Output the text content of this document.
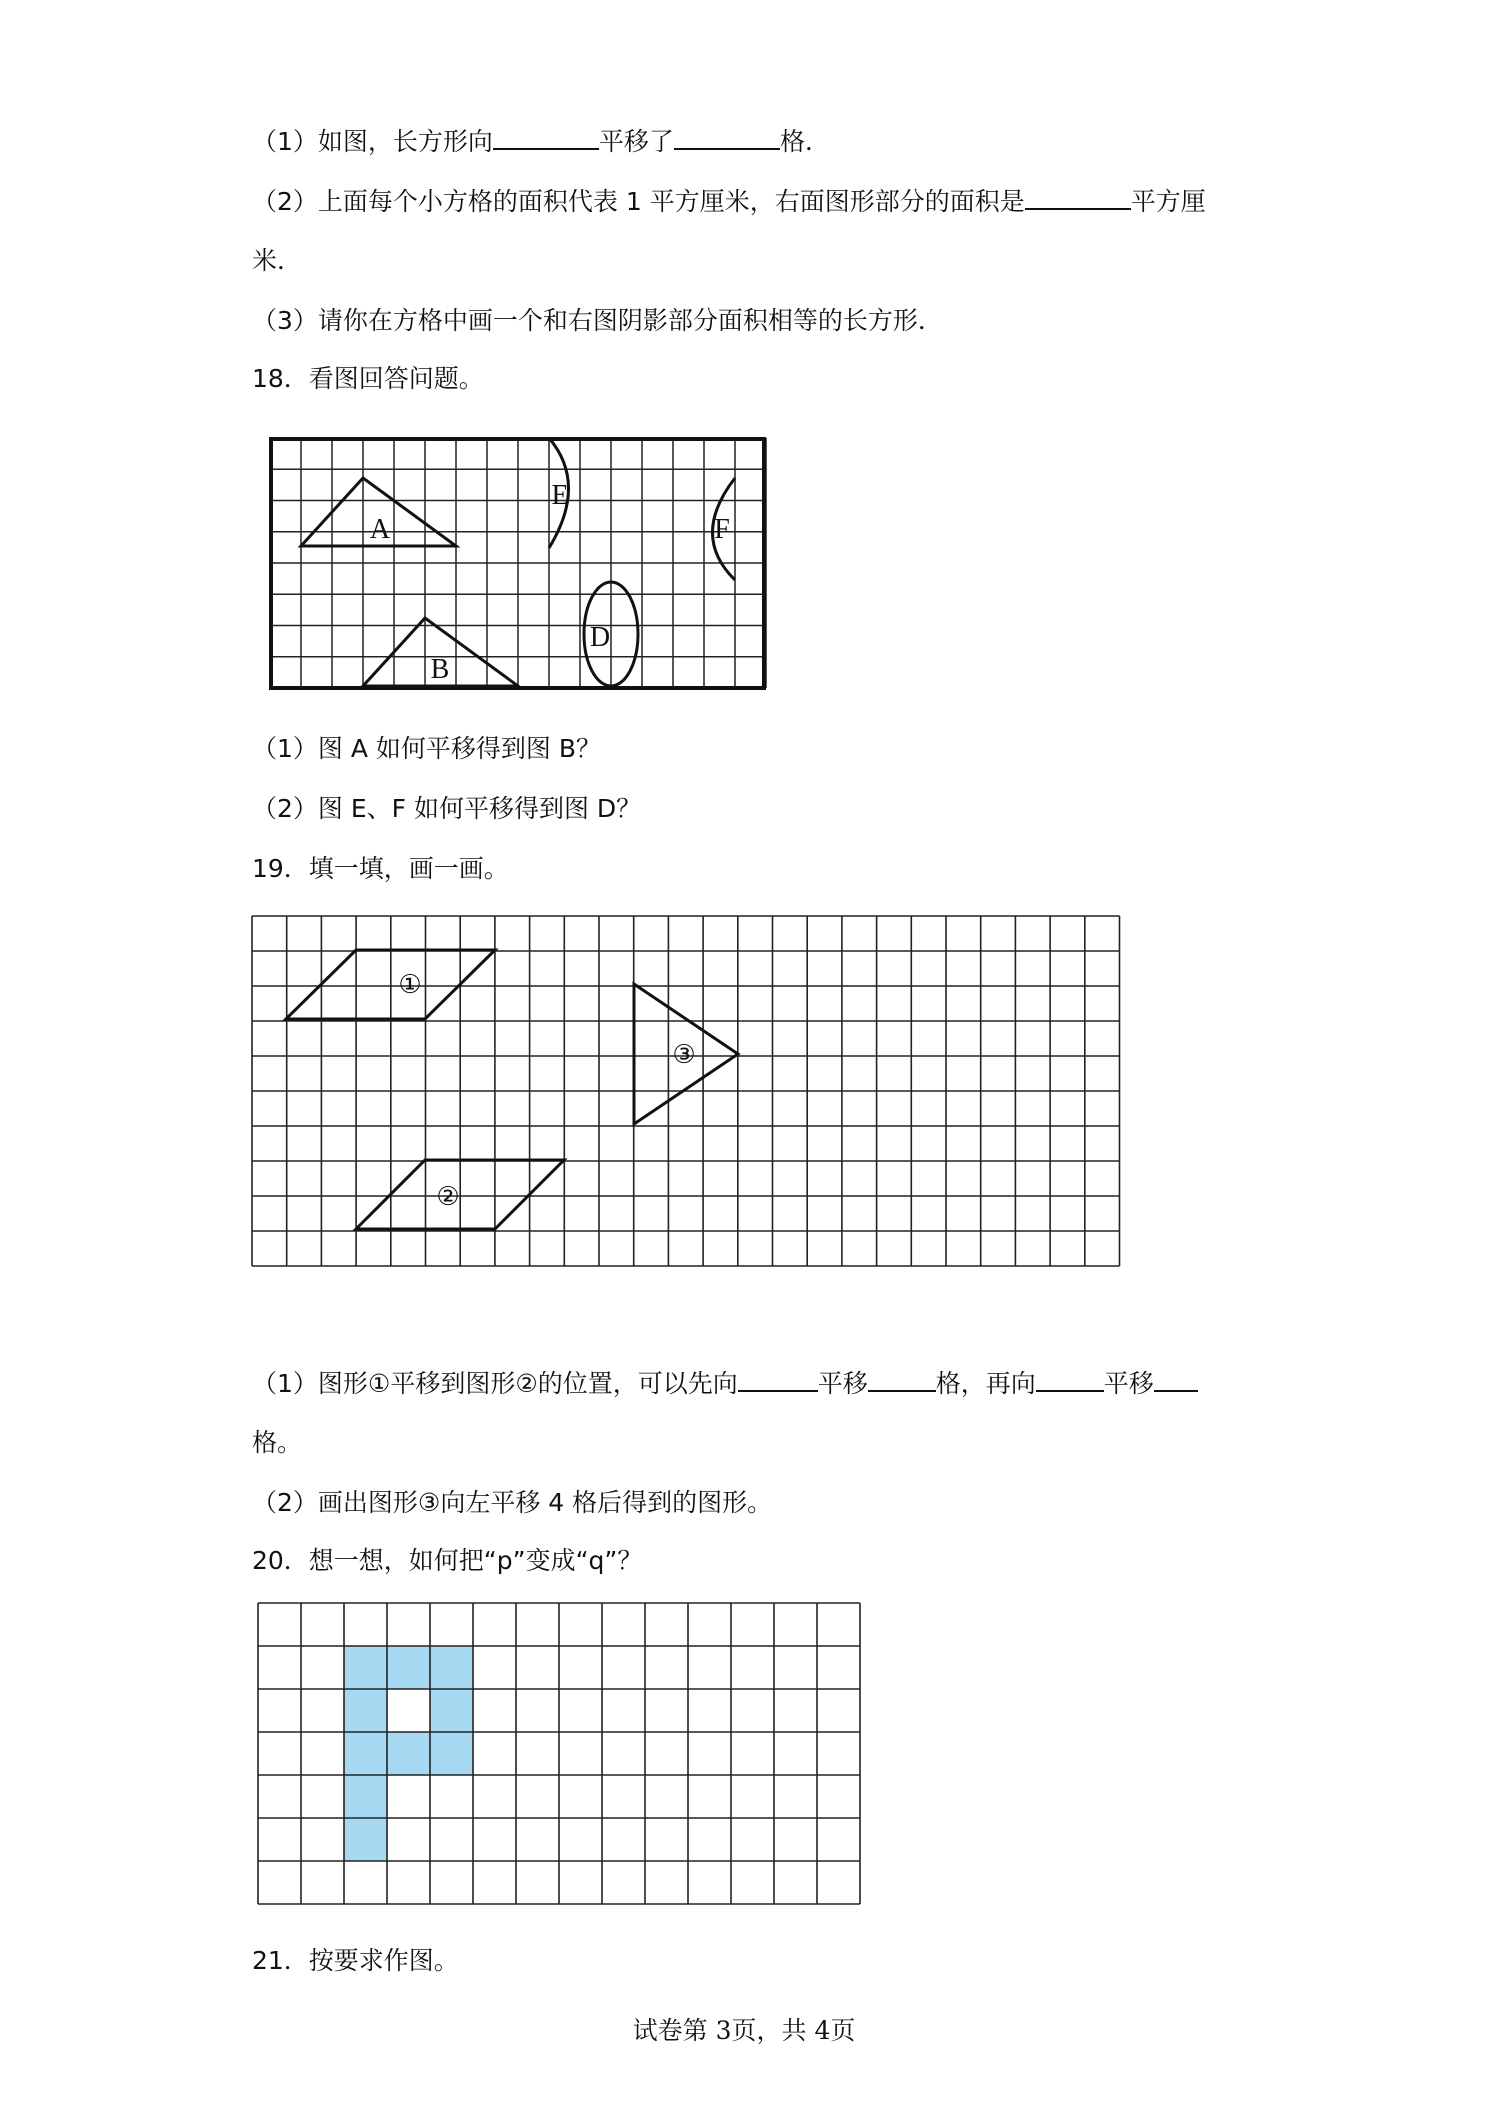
（1）如图，长方形向	平移了	格．
（2）上面每个小方格的面积代表 1 平方厘米，右面图形部分的面积是	平方厘
米．
（3）请你在方格中画一个和右图阴影部分面积相等的长方形．
18．看图回答问题。
A
B
E
F
D
（1）图 A 如何平移得到图 B？
（2）图 E、F 如何平移得到图 D？
19．填一填，画一画。
①
②
③
（1）图形①平移到图形②的位置，可以先向	平移	格，再向	平移
格。
（2）画出图形③向左平移 4 格后得到的图形。
20．想一想，如何把“p”变成“q”？
21．按要求作图。
试卷第 3页，共 4页
